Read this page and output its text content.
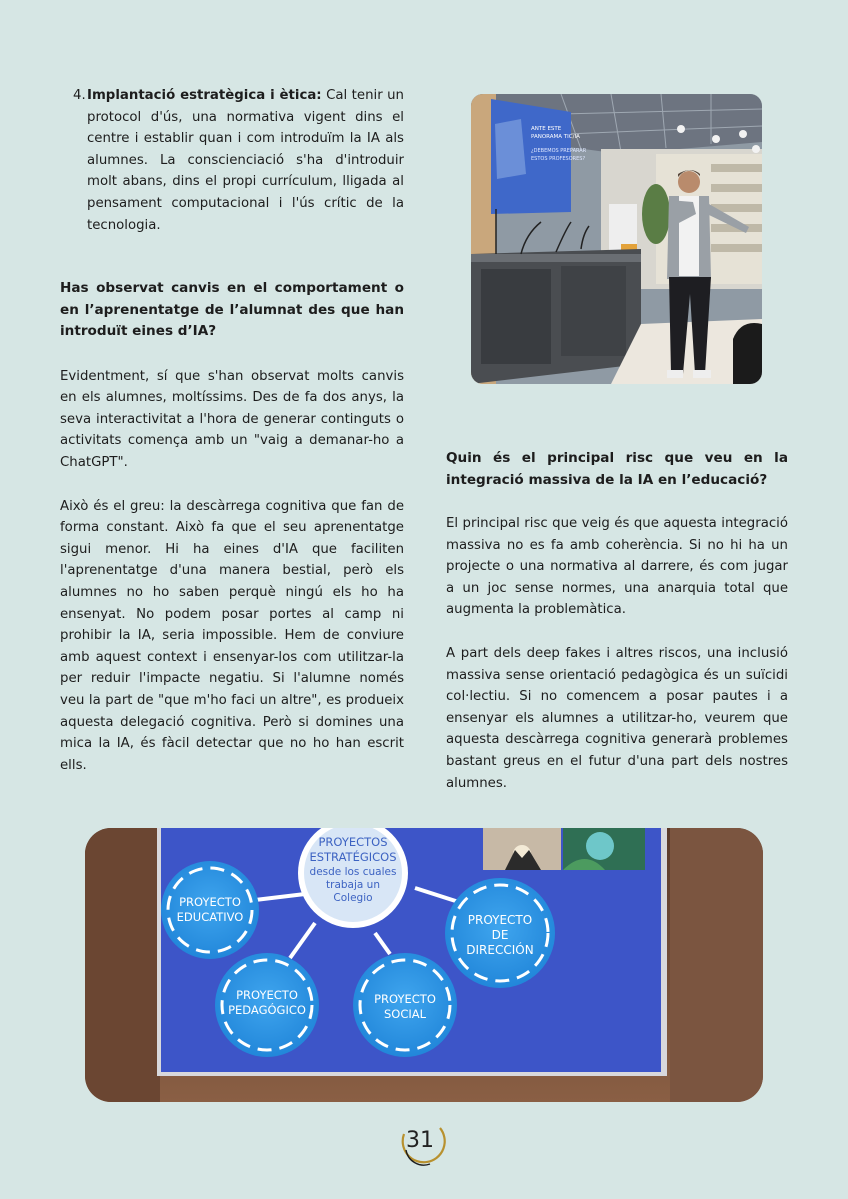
4. Implantació estratègica i ètica: Cal tenir un protocol d'ús, una normativa vigent dins el centre i establir quan i com introduïm la IA als alumnes. La conscienciació s'ha d'introduir molt abans, dins el propi currículum, lligada al pensament computacional i l'ús crític de la tecnologia.

Has observat canvis en el comportament o en l’aprenentatge de l’alumnat des que han introduït eines d’IA?

Evidentment, sí que s'han observat molts canvis en els alumnes, moltíssims. Des de fa dos anys, la seva interactivitat a l'hora de generar continguts o activitats comença amb un "vaig a demanar-ho a ChatGPT".

Això és el greu: la descàrrega cognitiva que fan de forma constant. Això fa que el seu aprenentatge sigui menor. Hi ha eines d'IA que faciliten l'aprenentatge d'una manera bestial, però els alumnes no ho saben perquè ningú els ho ha ensenyat. No podem posar portes al camp ni prohibir la IA, seria impossible. Hem de conviure amb aquest context i ensenyar-los com utilitzar-la per reduir l'impacte negatiu. Si l'alumne només veu la part de "que m'ho faci un altre", es produeix aquesta delegació cognitiva. Però si domines una mica la IA, és fàcil detectar que no ho han escrit ells.

ANTE ESTE
PANORAMA TIC/IA
¿DEBEMOS PREPARAR
ESTOS PROFESORES?

Quin és el principal risc que veu en la integració massiva de la IA en l’educació?

El principal risc que veig és que aquesta integració massiva no es fa amb coherència. Si no hi ha un projecte o una normativa al darrere, és com jugar a un joc sense normes, una anarquia total que augmenta la problemàtica.

A part dels deep fakes i altres riscos, una inclusió massiva sense orientació pedagògica és un suïcidi col·lectiu. Si no comencem a posar pautes i a ensenyar els alumnes a utilitzar-ho, veurem que aquesta descàrrega cognitiva generarà problemes bastant greus en el futur d'una part dels nostres alumnes.

PROYECTOS
ESTRATÉGICOS
desde los cuales
trabaja un
Colegio
PROYECTO
EDUCATIVO
PROYECTO
PEDAGÓGICO
PROYECTO
SOCIAL
PROYECTO
DE
DIRECCIÓN
31
